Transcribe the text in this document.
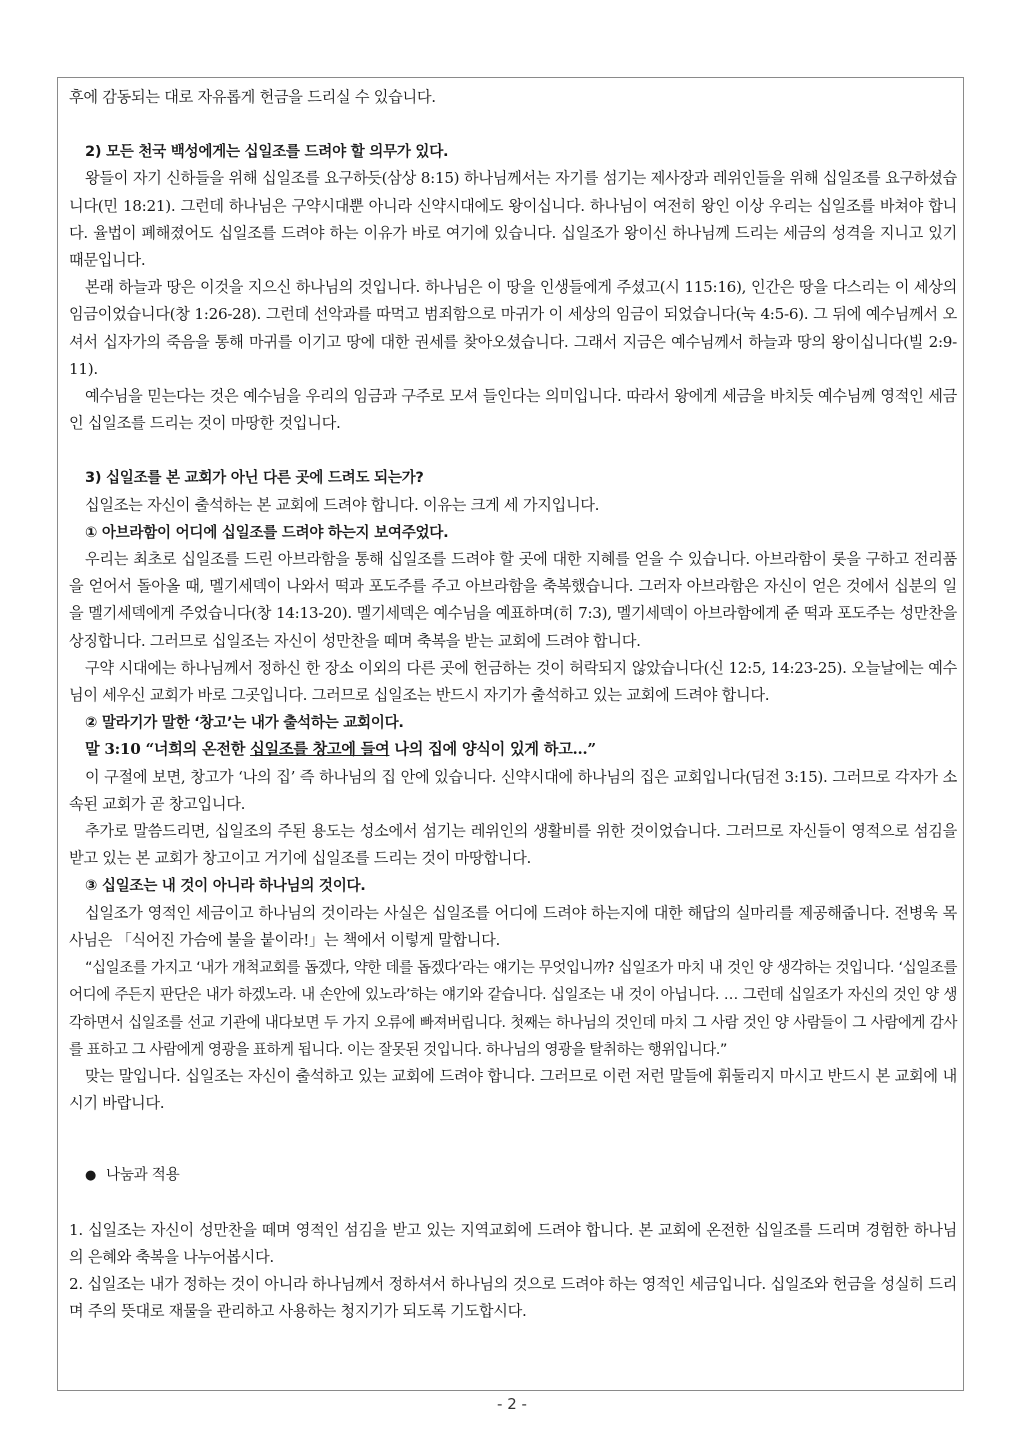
후에 감동되는 대로 자유롭게 헌금을 드리실 수 있습니다.

2) 모든 천국 백성에게는 십일조를 드려야 할 의무가 있다.

왕들이 자기 신하들을 위해 십일조를 요구하듯(삼상 8:15) 하나님께서는 자기를 섬기는 제사장과 레위인들을 위해 십일조를 요구하셨습니다(민 18:21). 그런데 하나님은 구약시대뿐 아니라 신약시대에도 왕이십니다. 하나님이 여전히 왕인 이상 우리는 십일조를 바쳐야 합니다. 율법이 폐해졌어도 십일조를 드려야 하는 이유가 바로 여기에 있습니다. 십일조가 왕이신 하나님께 드리는 세금의 성격을 지니고 있기 때문입니다.

본래 하늘과 땅은 이것을 지으신 하나님의 것입니다. 하나님은 이 땅을 인생들에게 주셨고(시 115:16), 인간은 땅을 다스리는 이 세상의 임금이었습니다(창 1:26-28). 그런데 선악과를 따먹고 범죄함으로 마귀가 이 세상의 임금이 되었습니다(눅 4:5-6). 그 뒤에 예수님께서 오셔서 십자가의 죽음을 통해 마귀를 이기고 땅에 대한 권세를 찾아오셨습니다. 그래서 지금은 예수님께서 하늘과 땅의 왕이십니다(빌 2:9-11).

예수님을 믿는다는 것은 예수님을 우리의 임금과 구주로 모셔 들인다는 의미입니다. 따라서 왕에게 세금을 바치듯 예수님께 영적인 세금인 십일조를 드리는 것이 마땅한 것입니다.

3) 십일조를 본 교회가 아닌 다른 곳에 드려도 되는가?

십일조는 자신이 출석하는 본 교회에 드려야 합니다. 이유는 크게 세 가지입니다.

① 아브라함이 어디에 십일조를 드려야 하는지 보여주었다.

우리는 최초로 십일조를 드린 아브라함을 통해 십일조를 드려야 할 곳에 대한 지혜를 얻을 수 있습니다. 아브라함이 롯을 구하고 전리품을 얻어서 돌아올 때, 멜기세덱이 나와서 떡과 포도주를 주고 아브라함을 축복했습니다. 그러자 아브라함은 자신이 얻은 것에서 십분의 일을 멜기세덱에게 주었습니다(창 14:13-20). 멜기세덱은 예수님을 예표하며(히 7:3), 멜기세덱이 아브라함에게 준 떡과 포도주는 성만찬을 상징합니다. 그러므로 십일조는 자신이 성만찬을 떼며 축복을 받는 교회에 드려야 합니다.

구약 시대에는 하나님께서 정하신 한 장소 이외의 다른 곳에 헌금하는 것이 허락되지 않았습니다(신 12:5, 14:23-25). 오늘날에는 예수님이 세우신 교회가 바로 그곳입니다. 그러므로 십일조는 반드시 자기가 출석하고 있는 교회에 드려야 합니다.

② 말라기가 말한 ‘창고’는 내가 출석하는 교회이다.

말 3:10 “너희의 온전한 십일조를 창고에 들여 나의 집에 양식이 있게 하고…”

이 구절에 보면, 창고가 ‘나의 집’ 즉 하나님의 집 안에 있습니다. 신약시대에 하나님의 집은 교회입니다(딤전 3:15). 그러므로 각자가 소속된 교회가 곧 창고입니다.

추가로 말씀드리면, 십일조의 주된 용도는 성소에서 섬기는 레위인의 생활비를 위한 것이었습니다. 그러므로 자신들이 영적으로 섬김을 받고 있는 본 교회가 창고이고 거기에 십일조를 드리는 것이 마땅합니다.

③ 십일조는 내 것이 아니라 하나님의 것이다.

십일조가 영적인 세금이고 하나님의 것이라는 사실은 십일조를 어디에 드려야 하는지에 대한 해답의 실마리를 제공해줍니다. 전병욱 목사님은 「식어진 가슴에 불을 붙이라!」는 책에서 이렇게 말합니다.

“십일조를 가지고 ‘내가 개척교회를 돕겠다, 약한 데를 돕겠다’라는 얘기는 무엇입니까? 십일조가 마치 내 것인 양 생각하는 것입니다. ‘십일조를 어디에 주든지 판단은 내가 하겠노라. 내 손안에 있노라’하는 얘기와 같습니다. 십일조는 내 것이 아닙니다. … 그런데 십일조가 자신의 것인 양 생각하면서 십일조를 선교 기관에 내다보면 두 가지 오류에 빠져버립니다. 첫째는 하나님의 것인데 마치 그 사람 것인 양 사람들이 그 사람에게 감사를 표하고 그 사람에게 영광을 표하게 됩니다. 이는 잘못된 것입니다. 하나님의 영광을 탈취하는 행위입니다.”

맞는 말입니다. 십일조는 자신이 출석하고 있는 교회에 드려야 합니다. 그러므로 이런 저런 말들에 휘둘리지 마시고 반드시 본 교회에 내시기 바랍니다.

● 나눔과 적용

1. 십일조는 자신이 성만찬을 떼며 영적인 섬김을 받고 있는 지역교회에 드려야 합니다. 본 교회에 온전한 십일조를 드리며 경험한 하나님의 은혜와 축복을 나누어봅시다.

2. 십일조는 내가 정하는 것이 아니라 하나님께서 정하셔서 하나님의 것으로 드려야 하는 영적인 세금입니다. 십일조와 헌금을 성실히 드리며 주의 뜻대로 재물을 관리하고 사용하는 청지기가 되도록 기도합시다.

- 2 -
